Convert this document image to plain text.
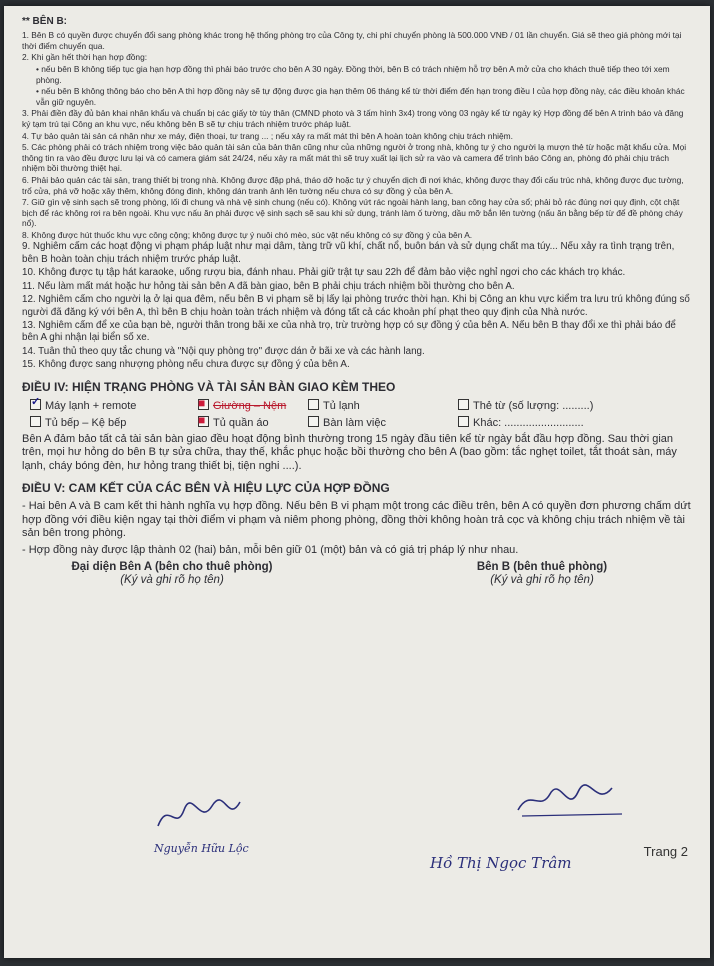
** BÊN B:
1. Bên B có quyền được chuyển đổi sang phòng khác trong hệ thống phòng trọ của Công ty, chi phí chuyển phòng là 500.000 VNĐ / 01 lần chuyển. Giá sẽ theo giá phòng mới tại thời điểm chuyển qua.
2. Khi gần hết thời hạn hợp đồng:
• nếu bên B không tiếp tục gia hạn hợp đồng thì phải báo trước cho bên A 30 ngày. Đồng thời, bên B có trách nhiệm hỗ trợ bên A mở cửa cho khách thuê tiếp theo tới xem phòng.
• nếu bên B không thông báo cho bên A thì hợp đồng này sẽ tự động được gia hạn thêm 06 tháng kể từ thời điểm đến hạn trong điều I của hợp đồng này, các điều khoản khác vẫn giữ nguyên.
3. Phải điền đầy đủ bản khai nhân khẩu và chuẩn bị các giấy tờ tùy thân (CMND photo và 3 tấm hình 3x4) trong vòng 03 ngày kể từ ngày ký Hợp đồng để bên A trình báo và đăng ký tạm trú tại Công an khu vực, nếu không bên B sẽ tự chịu trách nhiệm trước pháp luật.
4. Tự bảo quản tài sản cá nhân như xe máy, điện thoại, tư trang ... ; nếu xảy ra mất mát thì bên A hoàn toàn không chịu trách nhiệm.
5. Các phòng phải có trách nhiệm trong việc bảo quản tài sản của bản thân cũng như của những người ở trong nhà, không tự ý cho người lạ mượn thẻ từ hoặc mật khẩu cửa. Mọi thông tin ra vào đều được lưu lại và có camera giám sát 24/24, nếu xảy ra mất mát thì sẽ truy xuất lại lịch sử ra vào và camera để trình báo Công an, phòng đó phải chịu trách nhiệm bồi thường thiệt hại.
6. Phải bảo quản các tài sản, trang thiết bị trong nhà. Không được đập phá, tháo dỡ hoặc tự ý chuyển dịch đi nơi khác, không được thay đổi cấu trúc nhà, không được đục tường, trổ cửa, phá vỡ hoặc xây thêm, không đóng đinh, không dán tranh ảnh lên tường nếu chưa có sự đồng ý của bên A.
7. Giữ gìn vệ sinh sạch sẽ trong phòng, lối đi chung và nhà vệ sinh chung (nếu có). Không vứt rác ngoài hành lang, ban công hay cửa sổ; phải bỏ rác đúng nơi quy định, cột chặt bịch để rác không rơi ra bên ngoài. Khu vực nấu ăn phải được vệ sinh sạch sẽ sau khi sử dụng, tránh làm ố tường, dầu mỡ bắn lên tường (nấu ăn bằng bếp từ để đề phòng cháy nổ).
8. Không được hút thuốc khu vực công cộng; không được tự ý nuôi chó mèo, súc vật nếu không có sự đồng ý của bên A.
9. Nghiêm cấm các hoạt động vi phạm pháp luật như mại dâm, tàng trữ vũ khí, chất nổ, buôn bán và sử dụng chất ma túy... Nếu xảy ra tình trạng trên, bên B hoàn toàn chịu trách nhiệm trước pháp luật.
10. Không được tụ tập hát karaoke, uống rượu bia, đánh nhau. Phải giữ trật tự sau 22h để đảm bảo việc nghỉ ngơi cho các khách trọ khác.
11. Nếu làm mất mát hoặc hư hỏng tài sản bên A đã bàn giao, bên B phải chịu trách nhiệm bồi thường cho bên A.
12. Nghiêm cấm cho người lạ ở lại qua đêm, nếu bên B vi phạm sẽ bị lấy lại phòng trước thời hạn. Khi bị Công an khu vực kiểm tra lưu trú không đúng số người đã đăng ký với bên A, thì bên B chịu hoàn toàn trách nhiệm và đóng tất cả các khoản phí phạt theo quy định của Nhà nước.
13. Nghiêm cấm để xe của bạn bè, người thân trong bãi xe của nhà trọ, trừ trường hợp có sự đồng ý của bên A. Nếu bên B thay đổi xe thì phải báo để bên A ghi nhận lại biển số xe.
14. Tuân thủ theo quy tắc chung và "Nội quy phòng trọ" được dán ở bãi xe và các hành lang.
15. Không được sang nhượng phòng nếu chưa được sự đồng ý của bên A.
ĐIỀU IV: HIỆN TRẠNG PHÒNG VÀ TÀI SẢN BÀN GIAO KÈM THEO
✓Máy lạnh + remote ■	Giường – Nệm	Tủ lạnh	Thẻ từ (số lượng: .........)
Tủ bếp – Kệ bếp ■	Tủ quần áo	Bàn làm việc	Khác: ..........................
Bên A đảm bảo tất cả tài sản bàn giao đều hoạt động bình thường trong 15 ngày đầu tiên kể từ ngày bắt đầu hợp đồng. Sau thời gian trên, mọi hư hỏng do bên B tự sửa chữa, thay thế, khắc phục hoặc bồi thường cho bên A (bao gồm: tắc nghẹt toilet, tắt thoát sàn, máy lạnh, cháy bóng đèn, hư hỏng trang thiết bị, tiện nghi ....).
ĐIỀU V: CAM KẾT CỦA CÁC BÊN VÀ HIỆU LỰC CỦA HỢP ĐỒNG
- Hai bên A và B cam kết thi hành nghĩa vụ hợp đồng. Nếu bên B vi phạm một trong các điều trên, bên A có quyền đơn phương chấm dứt hợp đồng với điều kiện ngay tại thời điểm vi phạm và niêm phong phòng, đồng thời không hoàn trả cọc và không chịu trách nhiệm về tài sản bên trong phòng.
- Hợp đồng này được lập thành 02 (hai) bản, mỗi bên giữ 01 (một) bản và có giá trị pháp lý như nhau.
Đại diện Bên A (bên cho thuê phòng)
(Ký và ghi rõ họ tên)
Bên B (bên thuê phòng)
(Ký và ghi rõ họ tên)
Nguyễn Hữu Lộc
Hồ Thị Ngọc Trâm
Trang 2
